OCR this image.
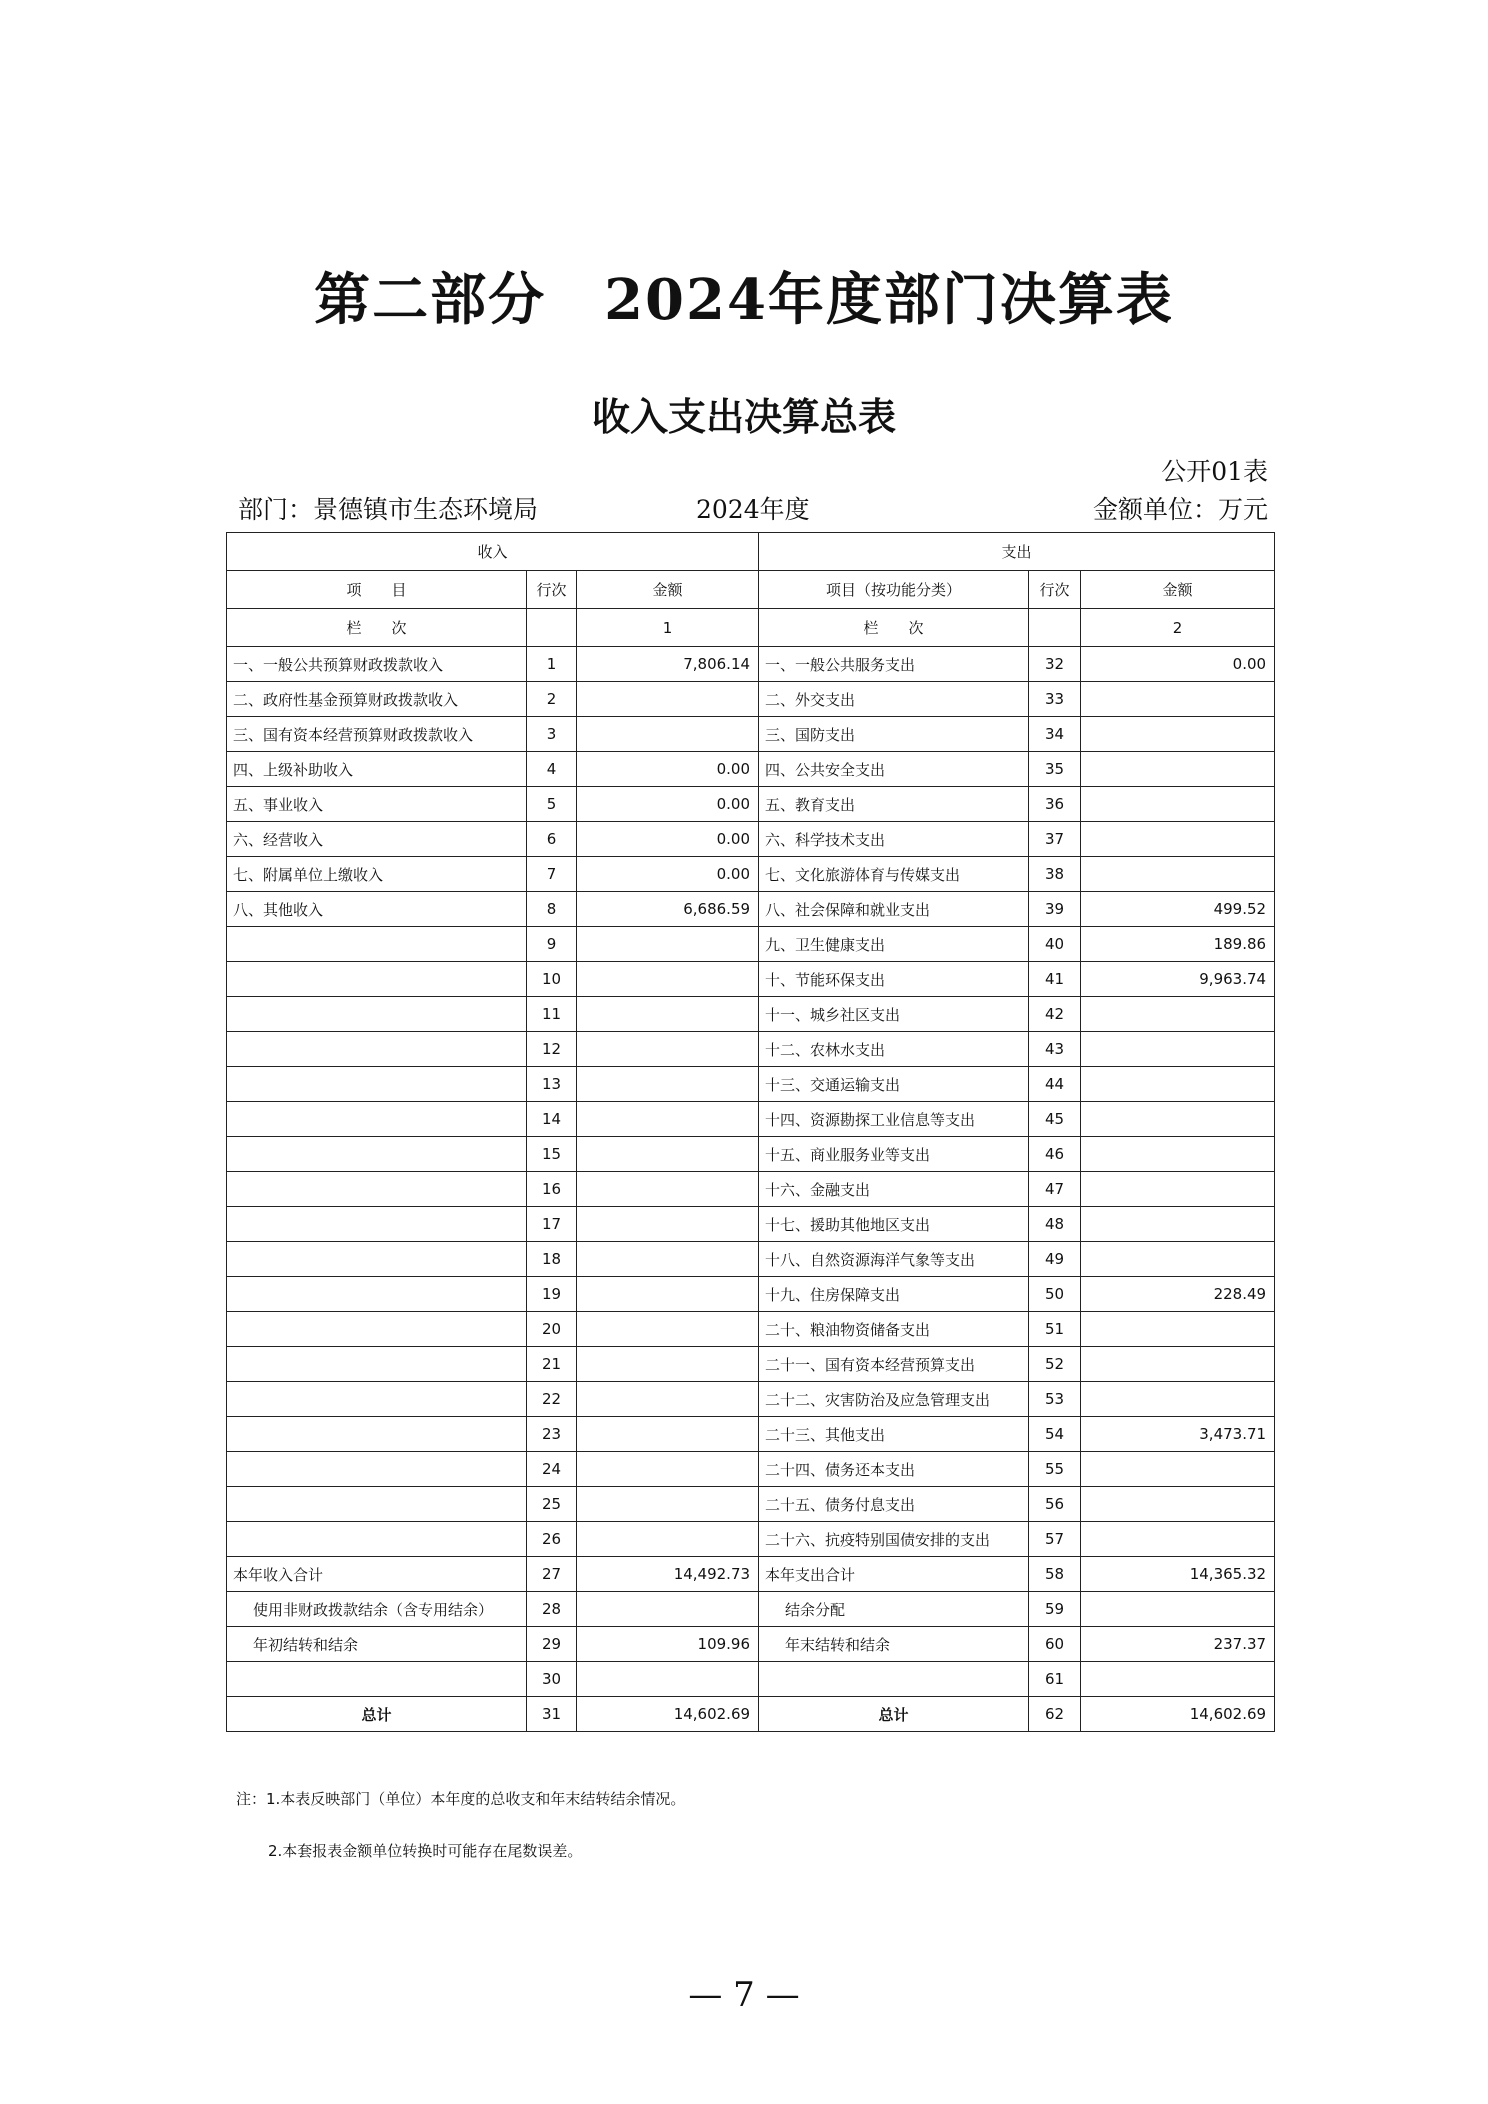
第二部分　2024年度部门决算表
收入支出决算总表
公开01表
部门：景德镇市生态环境局	2024年度	金额单位：万元
收入			支出		
项　　目	行次	金额	项目（按功能分类）	行次	金额
栏　　次		1	栏　　次		2
一、一般公共预算财政拨款收入	1	7,806.14	一、一般公共服务支出	32	0.00
二、政府性基金预算财政拨款收入	2		二、外交支出	33	
三、国有资本经营预算财政拨款收入	3		三、国防支出	34	
四、上级补助收入	4	0.00	四、公共安全支出	35	
五、事业收入	5	0.00	五、教育支出	36	
六、经营收入	6	0.00	六、科学技术支出	37	
七、附属单位上缴收入	7	0.00	七、文化旅游体育与传媒支出	38	
八、其他收入	8	6,686.59	八、社会保障和就业支出	39	499.52
	9		九、卫生健康支出	40	189.86
	10		十、节能环保支出	41	9,963.74
	11		十一、城乡社区支出	42	
	12		十二、农林水支出	43	
	13		十三、交通运输支出	44	
	14		十四、资源勘探工业信息等支出	45	
	15		十五、商业服务业等支出	46	
	16		十六、金融支出	47	
	17		十七、援助其他地区支出	48	
	18		十八、自然资源海洋气象等支出	49	
	19		十九、住房保障支出	50	228.49
	20		二十、粮油物资储备支出	51	
	21		二十一、国有资本经营预算支出	52	
	22		二十二、灾害防治及应急管理支出	53	
	23		二十三、其他支出	54	3,473.71
	24		二十四、债务还本支出	55	
	25		二十五、债务付息支出	56	
	26		二十六、抗疫特别国债安排的支出	57	
本年收入合计	27	14,492.73	本年支出合计	58	14,365.32
使用非财政拨款结余（含专用结余）	28		结余分配	59	
年初结转和结余	29	109.96	年末结转和结余	60	237.37
	30			61	
总计	31	14,602.69	总计	62	14,602.69
注：1.本表反映部门（单位）本年度的总收支和年末结转结余情况。
2.本套报表金额单位转换时可能存在尾数误差。
— 7 —
